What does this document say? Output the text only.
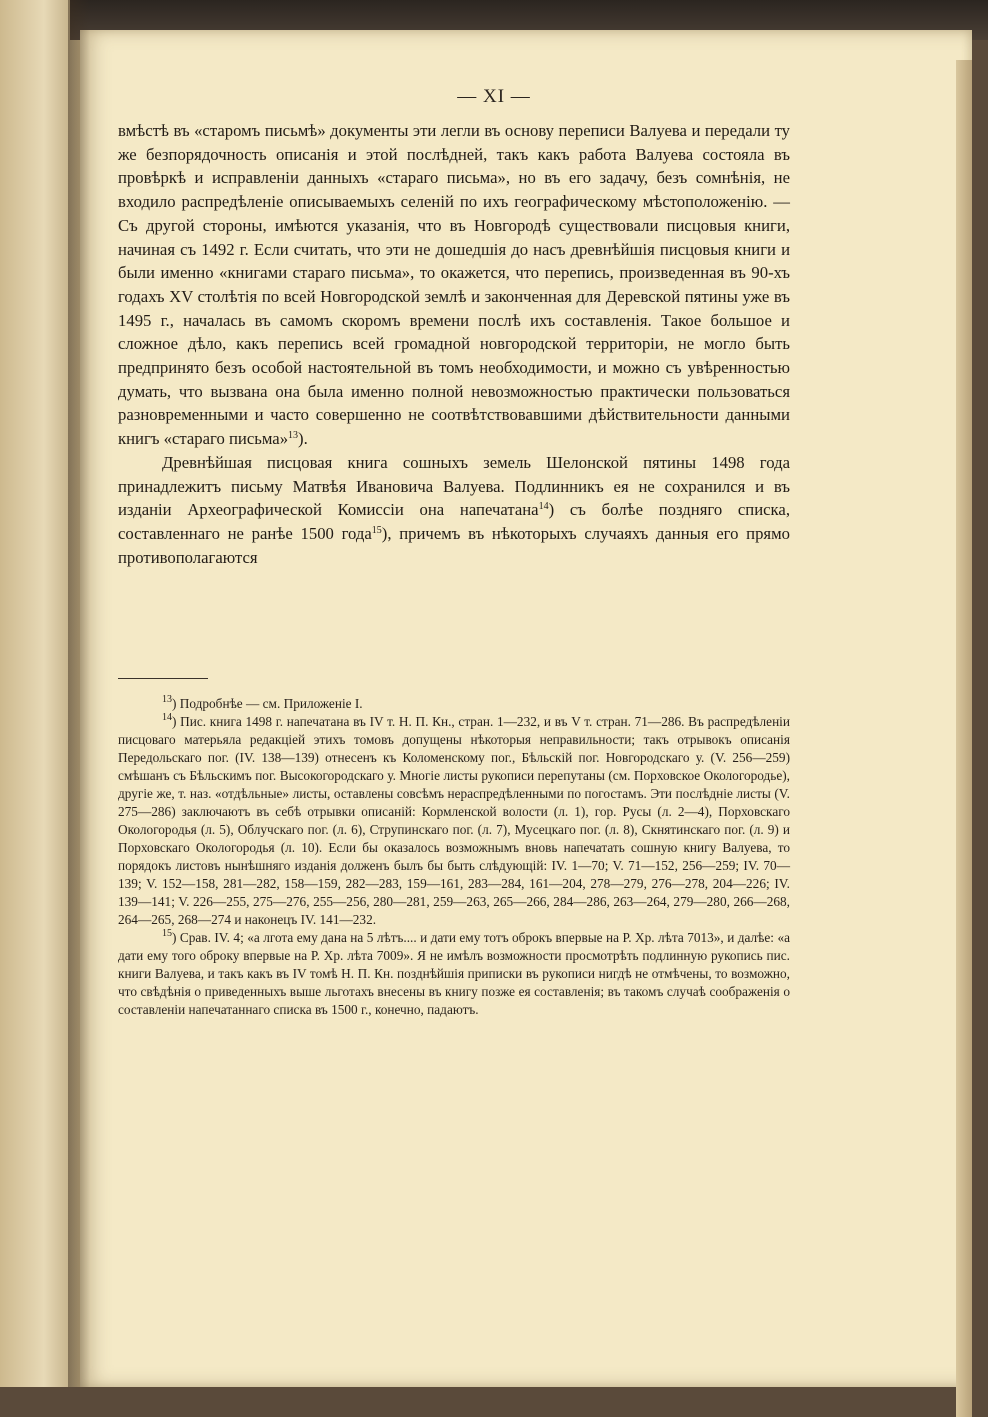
— XI —

вмѣстѣ въ «старомъ письмѣ» документы эти легли въ основу переписи Валуева и передали ту же безпорядочность описанія и этой послѣдней, такъ какъ работа Валуева состояла въ провѣркѣ и исправленіи данныхъ «стараго письма», но въ его задачу, безъ сомнѣнія, не входило распредѣленіе описываемыхъ селеній по ихъ географическому мѣстоположенію. — Съ другой стороны, имѣются указанія, что въ Новгородѣ существовали писцовыя книги, начиная съ 1492 г. Если считать, что эти не дошедшія до насъ древнѣйшія писцовыя книги и были именно «книгами стараго письма», то окажется, что перепись, произведенная въ 90-хъ годахъ XV столѣтія по всей Новгородской землѣ и законченная для Деревской пятины уже въ 1495 г., началась въ самомъ скоромъ времени послѣ ихъ составленія. Такое большое и сложное дѣло, какъ перепись всей громадной новгородской территоріи, не могло быть предпринято безъ особой настоятельной въ томъ необходимости, и можно съ увѣренностью думать, что вызвана она была именно полной невозможностью практически пользоваться разновременными и часто совершенно не соотвѣтствовавшими дѣйствительности данными книгъ «стараго письма»$^{13}$).

Древнѣйшая писцовая книга сошныхъ земель Шелонской пятины 1498 года принадлежитъ письму Матвѣя Ивановича Валуева. Подлинникъ ея не сохранился и въ изданіи Археографической Комиссіи она напечатана$^{14}$) съ болѣе поздняго списка, составленнаго не ранѣе 1500 года$^{15}$), причемъ въ нѣкоторыхъ случаяхъ данныя его прямо противополагаются

$^{13}$) Подробнѣе — см. Приложеніе I.

$^{14}$) Пис. книга 1498 г. напечатана въ IV т. Н. П. Кн., стран. 1—232, и въ V т. стран. 71—286. Въ распредѣленіи писцоваго матерьяла редакціей этихъ томовъ допущены нѣкоторыя неправильности; такъ отрывокъ описанія Передольскаго пог. (IV. 138—139) отнесенъ къ Коломенскому пог., Бѣльскій пог. Новгородскаго у. (V. 256—259) смѣшанъ съ Бѣльскимъ пог. Высокогородскаго у. Многіе листы рукописи перепутаны (см. Порховское Окологородье), другіе же, т. наз. «отдѣльные» листы, оставлены совсѣмъ нераспредѣленными по погостамъ. Эти послѣдніе листы (V. 275—286) заключаютъ въ себѣ отрывки описаній: Кормленской волости (л. 1), гор. Русы (л. 2—4), Порховскаго Окологородья (л. 5), Облучскаго пог. (л. 6), Струпинскаго пог. (л. 7), Мусецкаго пог. (л. 8), Скнятинскаго пог. (л. 9) и Порховскаго Окологородья (л. 10). Если бы оказалось возможнымъ вновь напечатать сошную книгу Валуева, то порядокъ листовъ нынѣшняго изданія долженъ былъ бы быть слѣдующій: IV. 1—70; V. 71—152, 256—259; IV. 70—139; V. 152—158, 281—282, 158—159, 282—283, 159—161, 283—284, 161—204, 278—279, 276—278, 204—226; IV. 139—141; V. 226—255, 275—276, 255—256, 280—281, 259—263, 265—266, 284—286, 263—264, 279—280, 266—268, 264—265, 268—274 и наконецъ IV. 141—232.

$^{15}$) Срав. IV. 4; «а лгота ему дана на 5 лѣтъ.... и дати ему тотъ оброкъ впервые на Р. Хр. лѣта 7013», и далѣе: «а дати ему того оброку впервые на Р. Хр. лѣта 7009». Я не имѣлъ возможности просмотрѣть подлинную рукопись пис. книги Валуева, и такъ какъ въ IV томѣ Н. П. Кн. позднѣйшія приписки въ рукописи нигдѣ не отмѣчены, то возможно, что свѣдѣнія о приведенныхъ выше льготахъ внесены въ книгу позже ея составленія; въ такомъ случаѣ соображенія о составленіи напечатаннаго списка въ 1500 г., конечно, падаютъ.
